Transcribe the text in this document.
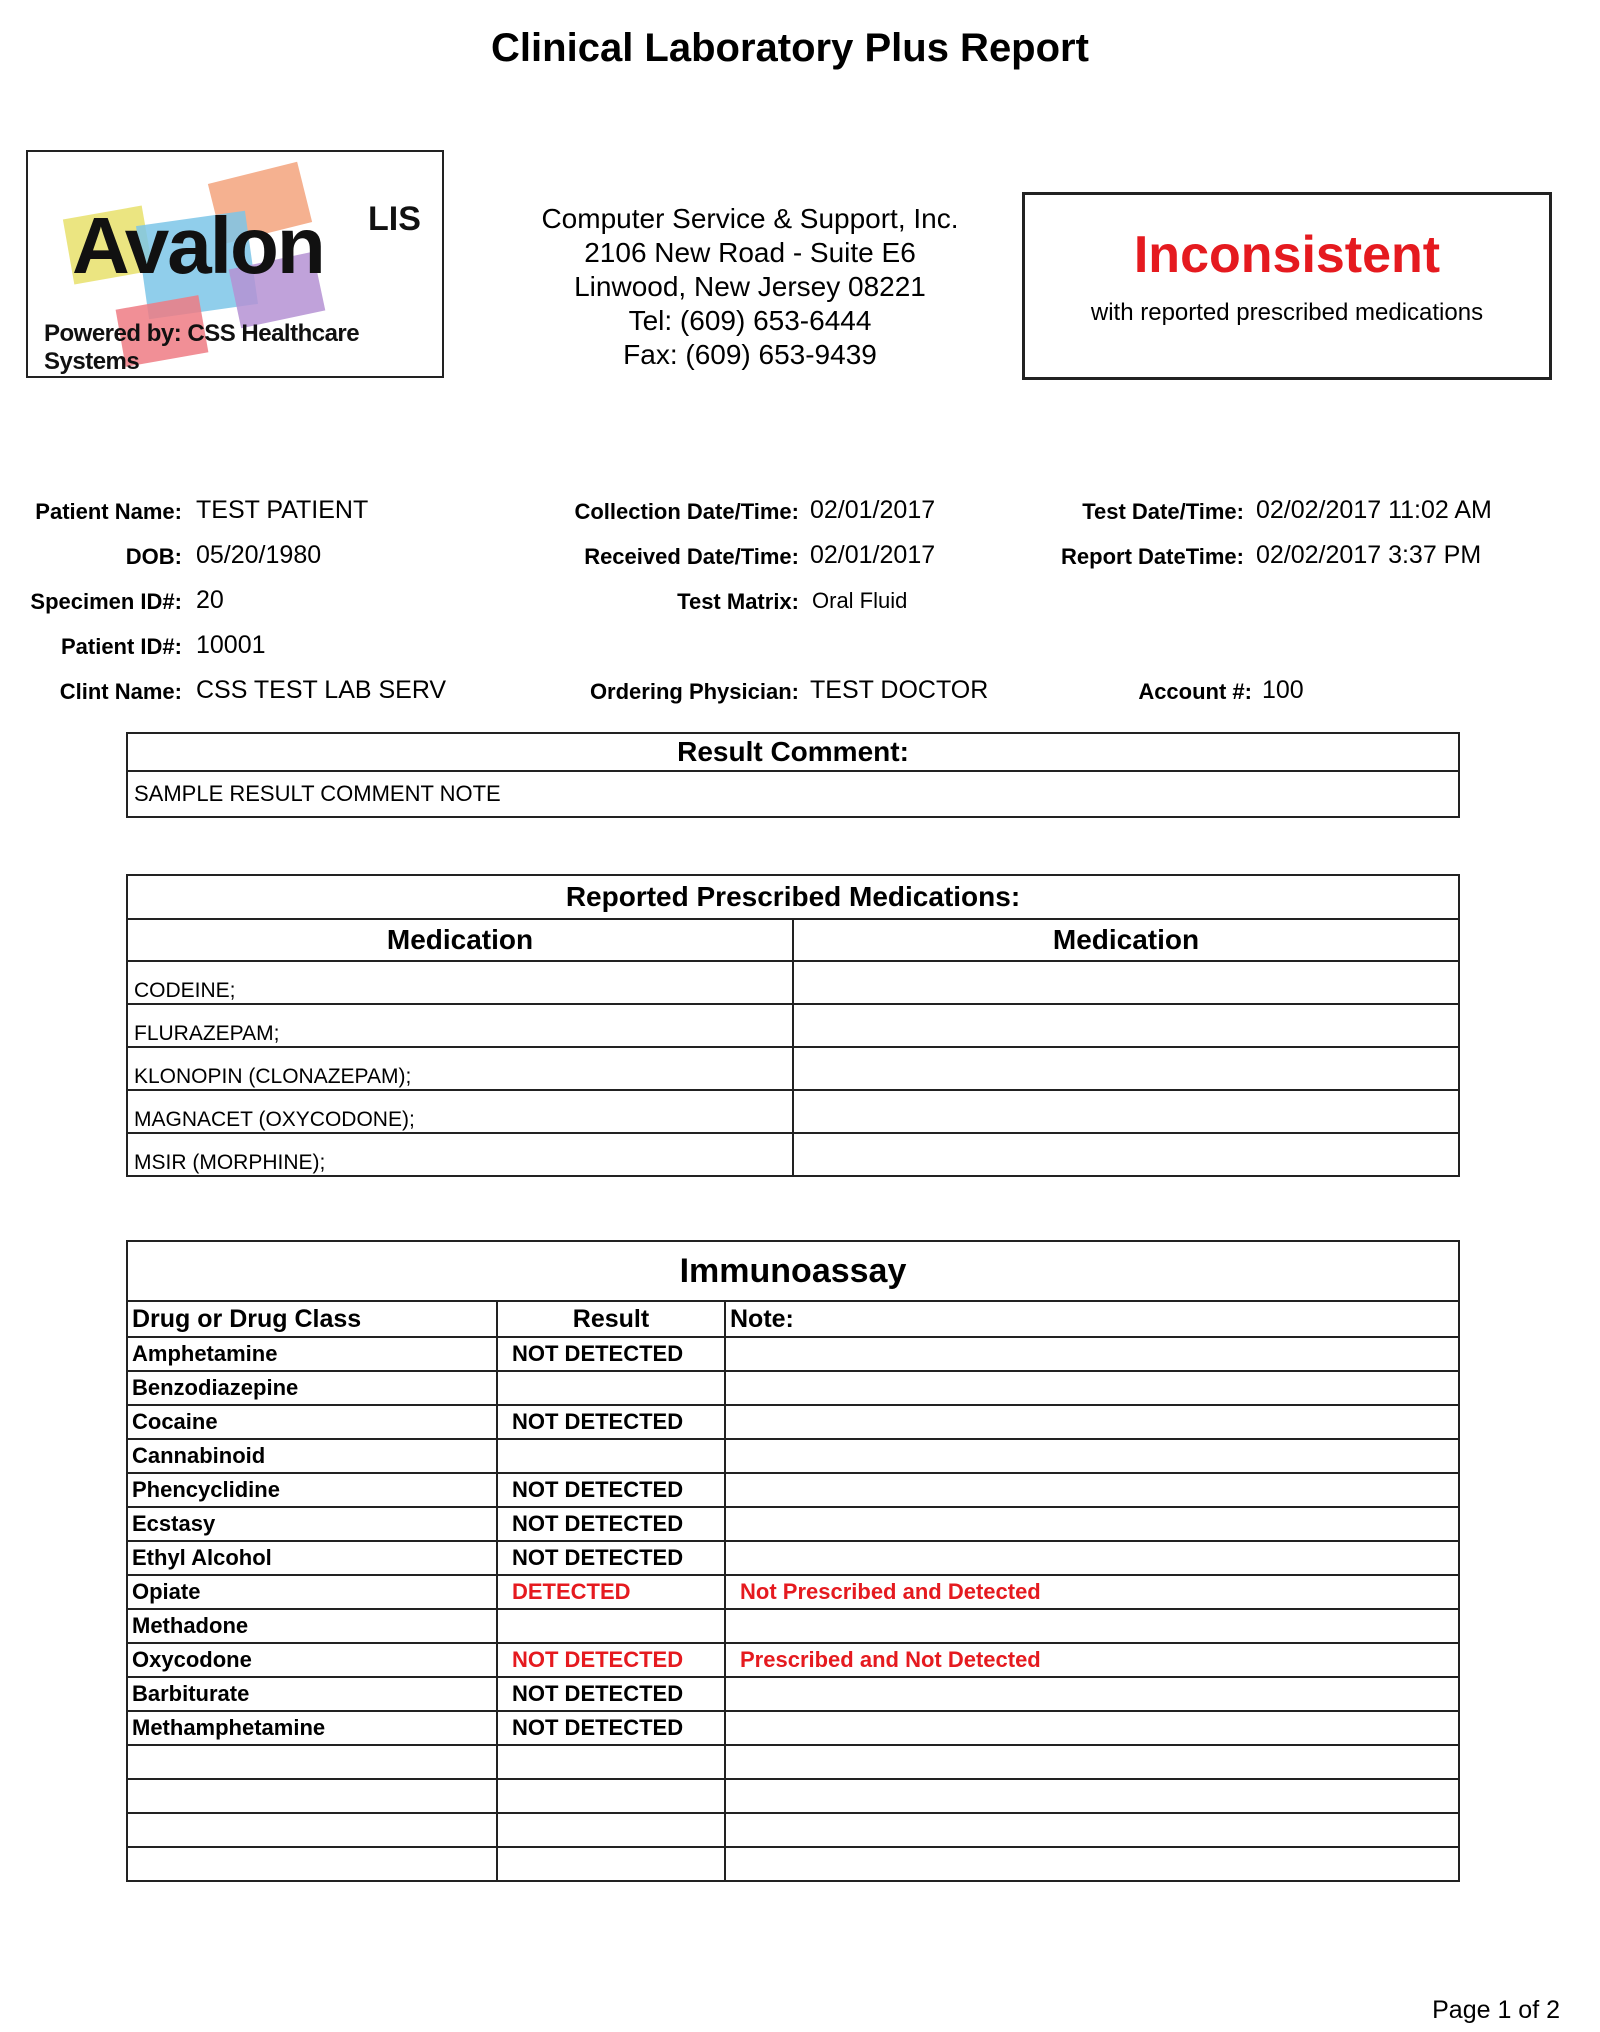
Clinical Laboratory Plus Report
Avalon LIS
Powered by: CSS Healthcare Systems
Computer Service & Support, Inc.
2106 New Road - Suite E6
Linwood, New Jersey 08221
Tel: (609) 653-6444
Fax: (609) 653-9439
Inconsistent
with reported prescribed medications
Patient Name: TEST PATIENT
DOB: 05/20/1980
Specimen ID#: 20
Patient ID#: 10001
Clint Name: CSS TEST LAB SERV
Collection Date/Time: 02/01/2017
Received Date/Time: 02/01/2017
Test Matrix: Oral Fluid
Ordering Physician: TEST DOCTOR
Test Date/Time: 02/02/2017 11:02 AM
Report DateTime: 02/02/2017 3:37 PM
Account #: 100
Result Comment:
SAMPLE RESULT COMMENT NOTE
Reported Prescribed Medications:	
Medication	Medication
CODEINE;	
FLURAZEPAM;	
KLONOPIN (CLONAZEPAM);	
MAGNACET (OXYCODONE);	
MSIR (MORPHINE);	
Immunoassay		
Drug or Drug Class	Result	Note:
Amphetamine	NOT DETECTED	
Benzodiazepine		
Cocaine	NOT DETECTED	
Cannabinoid		
Phencyclidine	NOT DETECTED	
Ecstasy	NOT DETECTED	
Ethyl Alcohol	NOT DETECTED	
Opiate	DETECTED	Not Prescribed and Detected
Methadone		
Oxycodone	NOT DETECTED	Prescribed and Not Detected
Barbiturate	NOT DETECTED	
Methamphetamine	NOT DETECTED	

Page 1 of 2
